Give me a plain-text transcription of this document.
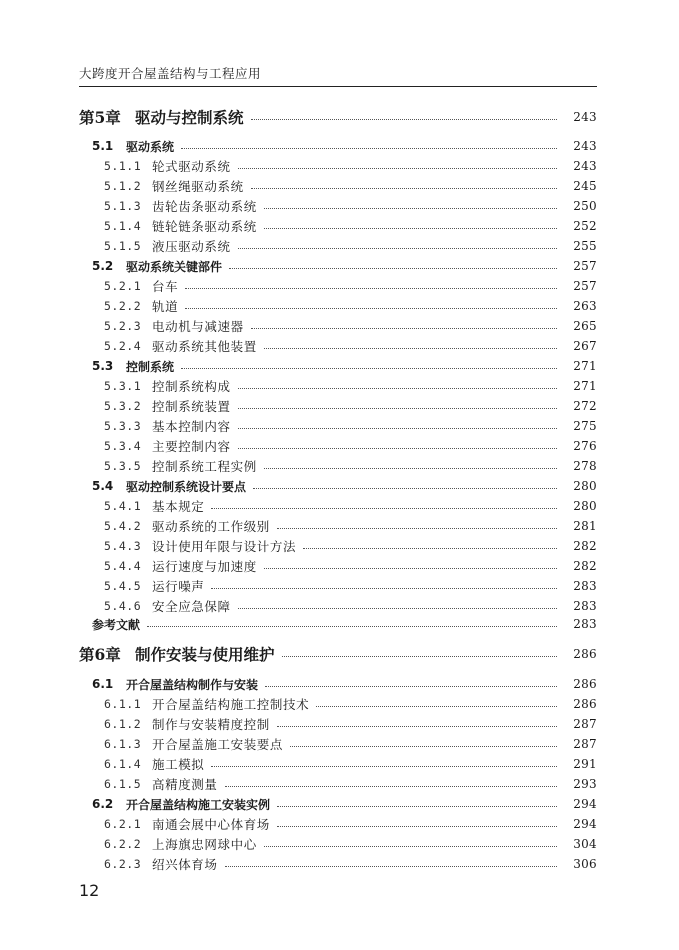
大跨度开合屋盖结构与工程应用
第5章 驱动与控制系统	243
5.1	驱动系统	243
5.1.1 轮式驱动系统	243
5.1.2 钢丝绳驱动系统	245
5.1.3 齿轮齿条驱动系统	250
5.1.4 链轮链条驱动系统	252
5.1.5 液压驱动系统	255
5.2	驱动系统关键部件	257
5.2.1 台车	257
5.2.2 轨道	263
5.2.3 电动机与减速器	265
5.2.4 驱动系统其他装置	267
5.3	控制系统	271
5.3.1 控制系统构成	271
5.3.2 控制系统装置	272
5.3.3 基本控制内容	275
5.3.4 主要控制内容	276
5.3.5 控制系统工程实例	278
5.4	驱动控制系统设计要点	280
5.4.1 基本规定	280
5.4.2 驱动系统的工作级别	281
5.4.3 设计使用年限与设计方法	282
5.4.4 运行速度与加速度	282
5.4.5 运行噪声	283
5.4.6 安全应急保障	283
参考文献	283
第6章 制作安装与使用维护	286
6.1	开合屋盖结构制作与安装	286
6.1.1 开合屋盖结构施工控制技术	286
6.1.2 制作与安装精度控制	287
6.1.3 开合屋盖施工安装要点	287
6.1.4 施工模拟	291
6.1.5 高精度测量	293
6.2	开合屋盖结构施工安装实例	294
6.2.1 南通会展中心体育场	294
6.2.2 上海旗忠网球中心	304
6.2.3 绍兴体育场	306
12
